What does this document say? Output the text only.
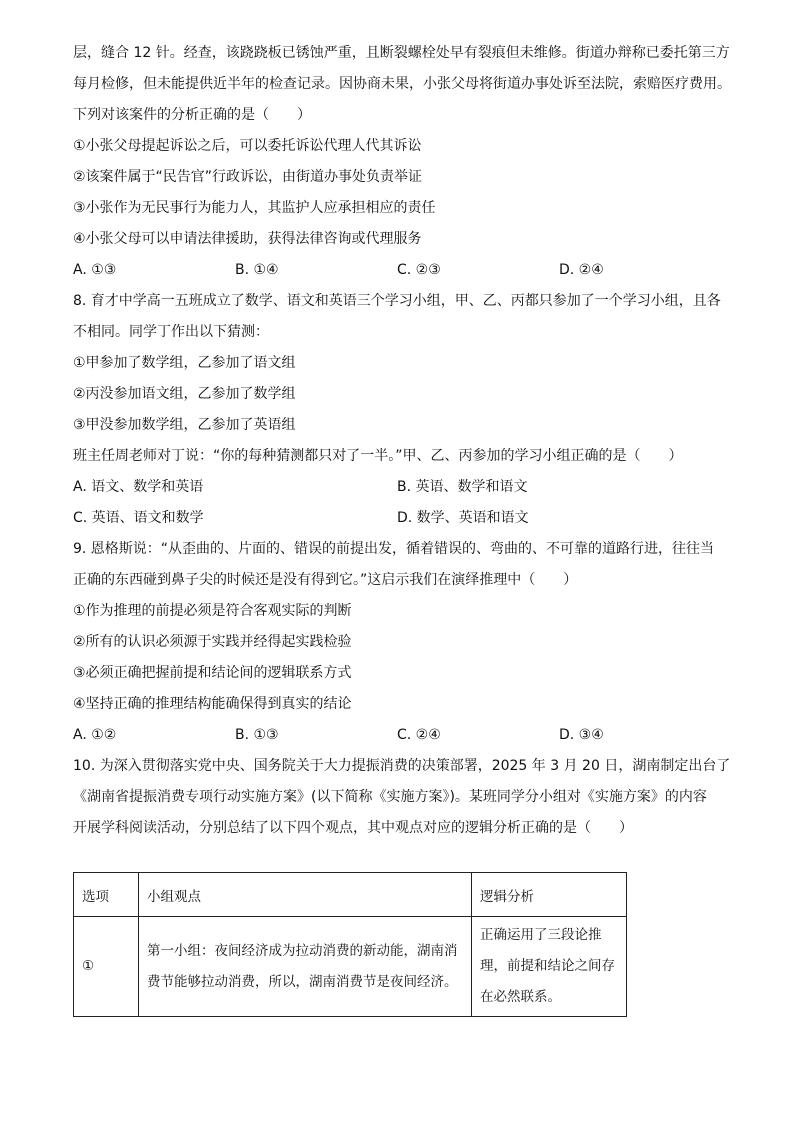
层，缝合 12 针。经查，该跷跷板已锈蚀严重，且断裂螺栓处早有裂痕但未维修。街道办辩称已委托第三方
每月检修，但未能提供近半年的检查记录。因协商未果，小张父母将街道办事处诉至法院，索赔医疗费用。
下列对该案件的分析正确的是（　　）
①小张父母提起诉讼之后，可以委托诉讼代理人代其诉讼
②该案件属于“民告官”行政诉讼，由街道办事处负责举证
③小张作为无民事行为能力人，其监护人应承担相应的责任
④小张父母可以申请法律援助，获得法律咨询或代理服务
A. ①③	B. ①④	C. ②③	D. ②④
8. 育才中学高一五班成立了数学、语文和英语三个学习小组，甲、乙、丙都只参加了一个学习小组，且各
不相同。同学丁作出以下猜测：
①甲参加了数学组，乙参加了语文组
②丙没参加语文组，乙参加了数学组
③甲没参加数学组，乙参加了英语组
班主任周老师对丁说：“你的每种猜测都只对了一半。”甲、乙、丙参加的学习小组正确的是（　　）
A. 语文、数学和英语	B. 英语、数学和语文
C. 英语、语文和数学	D. 数学、英语和语文
9. 恩格斯说：“从歪曲的、片面的、错误的前提出发，循着错误的、弯曲的、不可靠的道路行进，往往当
正确的东西碰到鼻子尖的时候还是没有得到它。”这启示我们在演绎推理中（　　）
①作为推理的前提必须是符合客观实际的判断
②所有的认识必须源于实践并经得起实践检验
③必须正确把握前提和结论间的逻辑联系方式
④坚持正确的推理结构能确保得到真实的结论
A. ①②	B. ①③	C. ②④	D. ③④
10. 为深入贯彻落实党中央、国务院关于大力提振消费的决策部署，2025 年 3 月 20 日，湖南制定出台了
《湖南省提振消费专项行动实施方案》(以下简称《实施方案》)。某班同学分小组对《实施方案》的内容
开展学科阅读活动，分别总结了以下四个观点，其中观点对应的逻辑分析正确的是（　　）
选项	小组观点	逻辑分析
①	第一小组：夜间经济成为拉动消费的新动能，湖南消费节能够拉动消费，所以，湖南消费节是夜间经济。	正确运用了三段论推理，前提和结论之间存在必然联系。
